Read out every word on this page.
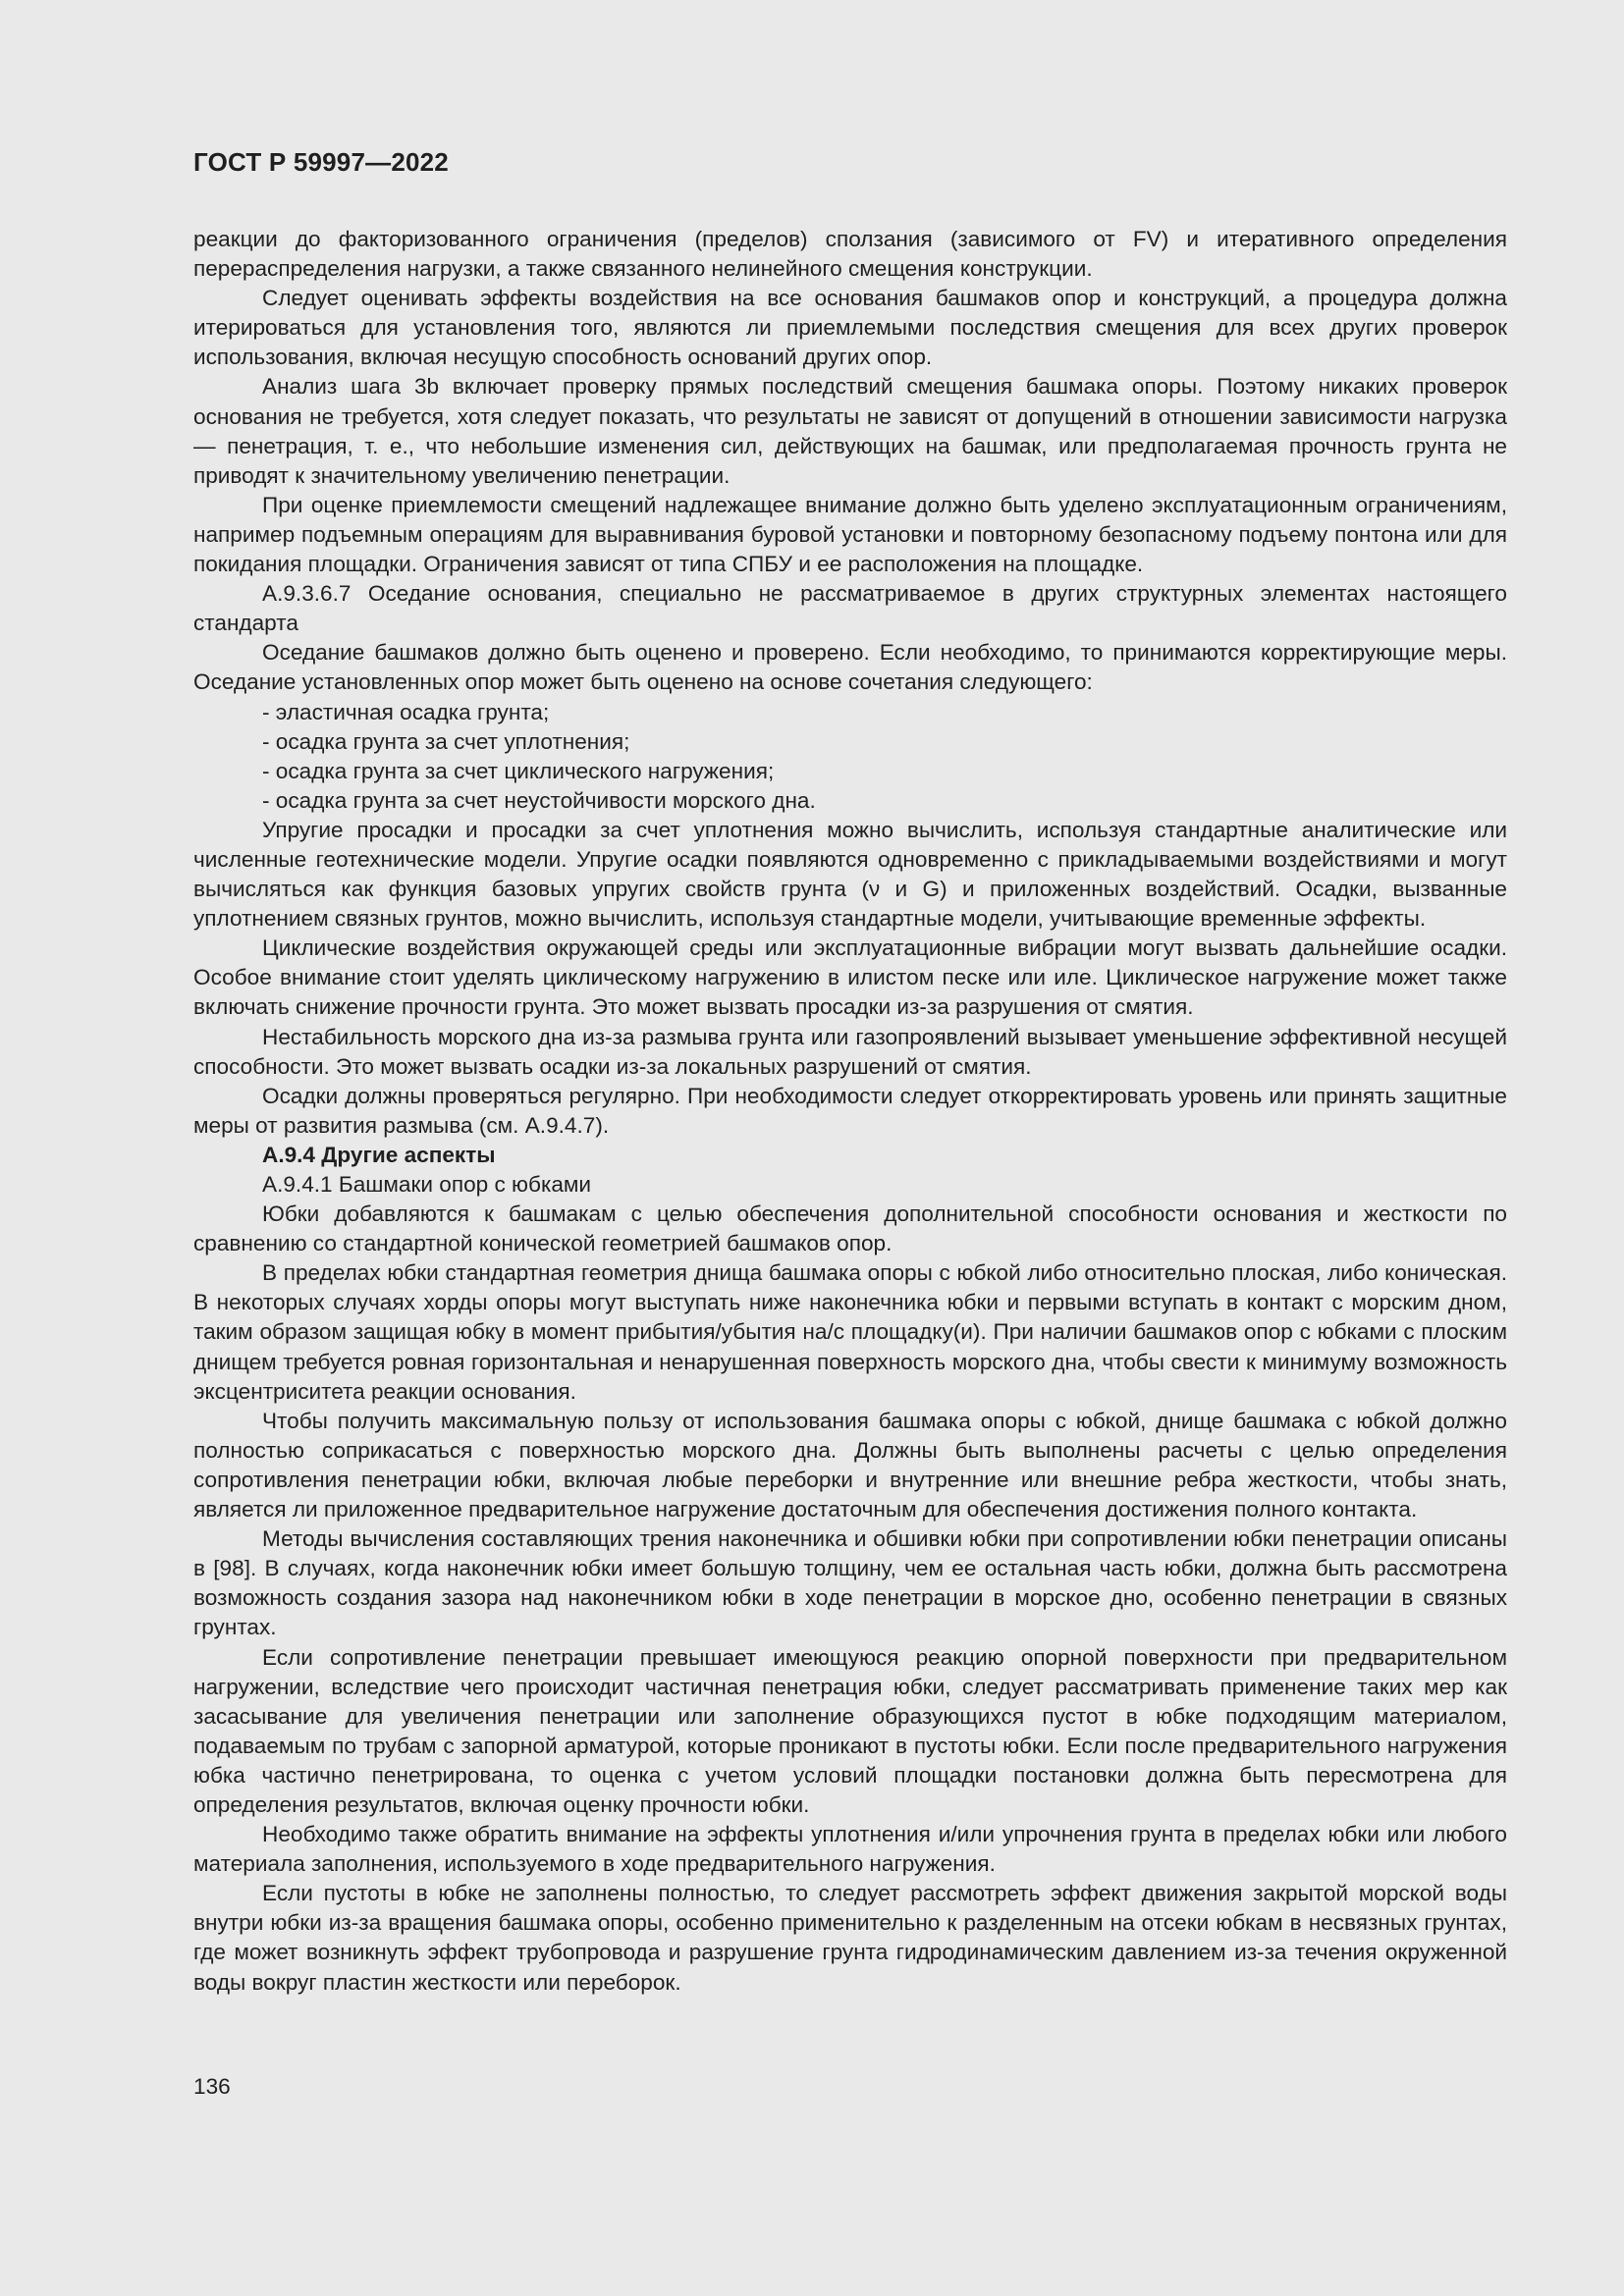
ГОСТ Р 59997—2022

реакции до факторизованного ограничения (пределов) сползания (зависимого от FV) и итеративного определения перераспределения нагрузки, а также связанного нелинейного смещения конструкции.

Следует оценивать эффекты воздействия на все основания башмаков опор и конструкций, а процедура должна итерироваться для установления того, являются ли приемлемыми последствия смещения для всех других проверок использования, включая несущую способность оснований других опор.

Анализ шага 3b включает проверку прямых последствий смещения башмака опоры. Поэтому никаких проверок основания не требуется, хотя следует показать, что результаты не зависят от допущений в отношении зависимости нагрузка — пенетрация, т. е., что небольшие изменения сил, действующих на башмак, или предполагаемая прочность грунта не приводят к значительному увеличению пенетрации.

При оценке приемлемости смещений надлежащее внимание должно быть уделено эксплуатационным ограничениям, например подъемным операциям для выравнивания буровой установки и повторному безопасному подъему понтона или для покидания площадки. Ограничения зависят от типа СПБУ и ее расположения на площадке.

А.9.3.6.7 Оседание основания, специально не рассматриваемое в других структурных элементах настоящего стандарта

Оседание башмаков должно быть оценено и проверено. Если необходимо, то принимаются корректирующие меры. Оседание установленных опор может быть оценено на основе сочетания следующего:

- эластичная осадка грунта;

- осадка грунта за счет уплотнения;

- осадка грунта за счет циклического нагружения;

- осадка грунта за счет неустойчивости морского дна.

Упругие просадки и просадки за счет уплотнения можно вычислить, используя стандартные аналитические или численные геотехнические модели. Упругие осадки появляются одновременно с прикладываемыми воздействиями и могут вычисляться как функция базовых упругих свойств грунта (ν и G) и приложенных воздействий. Осадки, вызванные уплотнением связных грунтов, можно вычислить, используя стандартные модели, учитывающие временные эффекты.

Циклические воздействия окружающей среды или эксплуатационные вибрации могут вызвать дальнейшие осадки. Особое внимание стоит уделять циклическому нагружению в илистом песке или иле. Циклическое нагружение может также включать снижение прочности грунта. Это может вызвать просадки из-за разрушения от смятия.

Нестабильность морского дна из-за размыва грунта или газопроявлений вызывает уменьшение эффективной несущей способности. Это может вызвать осадки из-за локальных разрушений от смятия.

Осадки должны проверяться регулярно. При необходимости следует откорректировать уровень или принять защитные меры от развития размыва (см. А.9.4.7).

А.9.4 Другие аспекты

А.9.4.1 Башмаки опор с юбками

Юбки добавляются к башмакам с целью обеспечения дополнительной способности основания и жесткости по сравнению со стандартной конической геометрией башмаков опор.

В пределах юбки стандартная геометрия днища башмака опоры с юбкой либо относительно плоская, либо коническая. В некоторых случаях хорды опоры могут выступать ниже наконечника юбки и первыми вступать в контакт с морским дном, таким образом защищая юбку в момент прибытия/убытия на/с площадку(и). При наличии башмаков опор с юбками с плоским днищем требуется ровная горизонтальная и ненарушенная поверхность морского дна, чтобы свести к минимуму возможность эксцентриситета реакции основания.

Чтобы получить максимальную пользу от использования башмака опоры с юбкой, днище башмака с юбкой должно полностью соприкасаться с поверхностью морского дна. Должны быть выполнены расчеты с целью определения сопротивления пенетрации юбки, включая любые переборки и внутренние или внешние ребра жесткости, чтобы знать, является ли приложенное предварительное нагружение достаточным для обеспечения достижения полного контакта.

Методы вычисления составляющих трения наконечника и обшивки юбки при сопротивлении юбки пенетрации описаны в [98]. В случаях, когда наконечник юбки имеет большую толщину, чем ее остальная часть юбки, должна быть рассмотрена возможность создания зазора над наконечником юбки в ходе пенетрации в морское дно, особенно пенетрации в связных грунтах.

Если сопротивление пенетрации превышает имеющуюся реакцию опорной поверхности при предварительном нагружении, вследствие чего происходит частичная пенетрация юбки, следует рассматривать применение таких мер как засасывание для увеличения пенетрации или заполнение образующихся пустот в юбке подходящим материалом, подаваемым по трубам с запорной арматурой, которые проникают в пустоты юбки. Если после предварительного нагружения юбка частично пенетрирована, то оценка с учетом условий площадки постановки должна быть пересмотрена для определения результатов, включая оценку прочности юбки.

Необходимо также обратить внимание на эффекты уплотнения и/или упрочнения грунта в пределах юбки или любого материала заполнения, используемого в ходе предварительного нагружения.

Если пустоты в юбке не заполнены полностью, то следует рассмотреть эффект движения закрытой морской воды внутри юбки из-за вращения башмака опоры, особенно применительно к разделенным на отсеки юбкам в несвязных грунтах, где может возникнуть эффект трубопровода и разрушение грунта гидродинамическим давлением из-за течения окруженной воды вокруг пластин жесткости или переборок.

136
